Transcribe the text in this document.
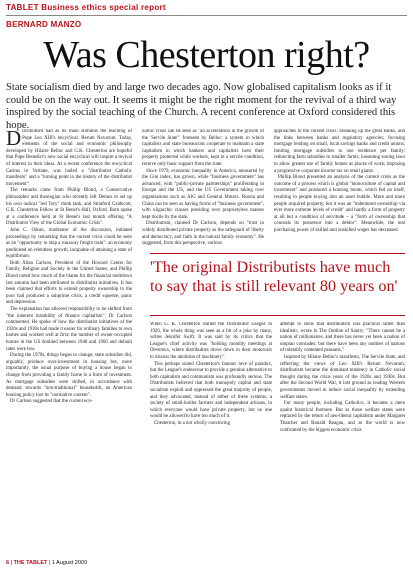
TABLET Business ethics special report
BERNARD MANZO
Was Chesterton right?
State socialism died by and large two decades ago. Now globalised capitalism looks as if it could be on the way out. It seems it might be the right moment for the revival of a third way inspired by the social teaching of the Church. A recent conference at Oxford considered this hope.

Distributism had as its main stimulus the teaching of Pope Leo XIII's encyclical, Rerum Novarum. Today, elements of the social and economic philosophy developed by Hilaire Belloc and G.K. Chesterton are hopeful that Pope Benedict's new social encyclical will inspire a revival of interest in their ideas. At a recent conference the encyclical Caritas in Veritate, was hailed a "distributist Catholic manifesto" and a "turning point in the history of the distributist movement".

The remarks came from Phillip Blond, a Conservative philosopher and theologian who recently left Demos to set up his own radical "red Tory" think tank, and Stratford Caldecott, G.K. Chesterton Fellow at St Benet's Hall, Oxford. Both spoke at a conference held at St Benet's last month offering "A Distributist View of the Global Economic Crisis".

John C. Odom, moderator of the discussion, initiated proceedings by remarking that the current crisis could be seen as an "opportunity to stop a runaway freight train": an economy predicated on relentless growth, incapable of attaining a state of equilibrium.

Both Allan Carlson, President of the Howard Center for Family, Religion and Society in the United States, and Phillip Blond noted how much of the blame for the financial meltdown last autumn had been attributed to distributist initiatives. It has been claimed that efforts to extend property ownership to the poor had produced a subprime crisis, a credit squeeze, panic and depression.

The explanation has allowed responsibility to be shifted from "the inherent instability of finance capitalism", Dr Carlson commented. He spoke of how the distributist initiatives of the 1920s and 1930s had made it easier for ordinary families to own homes and worked well at first: the number of owner-occupied homes in the US doubled between 1940 and 1960 and default rates were low.

During the 1970s, things began to change; state subsidies did, arguably, produce over-investment in housing but, more importantly, the usual purpose of buying a house began to change from providing a family home to a form of investment. As mortgage subsidies were shifted, in accordance with demand, towards "non-traditional" households, an American housing policy lost its "normative content".

Dr Carlson suggested that the current eco-

nomic crisis can be seen as "an acceleration in the growth of the 'Servile State'" foreseen by Belloc: a system in which capitalists and state bureaucrats cooperate to maintain a state capitalism in which bankers and capitalists have their property protected while workers, kept in a servile condition, receive only basic support from the state.

Since 1979, economic inequality in America, measured by the Gini index, has grown, while "business government" has advanced, with "public-private partnerships" proliferating in Europe and the US, and the US Government taking over organisations such as AIG and General Motors. Russia and China can be seen as having forms of "business government", with oligarchic classes presiding over proprietyless masses kept docile by the state.

Distributism, claimed Dr Carlson, depends on "trust in widely distributed private property as the safeguard of liberty and democracy, and faith in the natural family economy". He suggested, from this perspective, various

approaches to the current crisis: breaking up the great banks, and the links between banks and regulatory agencies; focusing mortgage lending on small, local savings banks and credit unions; limiting mortgage subsidies to one residence per family; redirecting farm subsidies to smaller farms; loosening zoning laws to allow greater use of family homes as places of work; imposing a progressive corporate income tax on retail giants.

Phillip Blond presented an analysis of the current crisis as the outcome of a process which is global "monoculture of capital and investment" and produced a housing boom, which fed on itself, resulting in people buying into an asset bubble. More and more people acquired property, but it was an "indentured ownership via ever more extreme levels of credit" and hardly a form of property at all but a condition of servitude – a "form of ownership that conceals its possessor into a debtor". Meanwhile, the real purchasing power of skilled and unskilled wages has decreased.

'The original Distributists have much to say that is still relevant 80 years on'

When G. K. Chesterton started the Distributist League in 1926, the whole thing was seen as a bit of a joke by many, writes Jennifer Swift. It was said by its critics that the League's chief activity was "holding monthly meetings at Devereux, where distributists drove down in their motorcars to discuss the abolition of machinery".

This perhaps suited Chesterton's famous love of paradox, but the League's endeavour to provide a genuine alternative to both capitalism and communism was profoundly serious. The Distributists believed that both monopoly capital and state socialism exploit and oppressed the great majority of people, and they advocated, instead of either of these systems, a society of small-holder farmers and independent artisans, in which everyone would have private property, but no one would be allowed to have too much of it.

Chesterton, in a not wholly convincing

attempt to show that distributism was practical rather than idealistic, wrote in The Outline of Sanity: "There cannot be a nation of millionaires, and there has never yet been a nation of utopian comrades; but there have been any number of nations of tolerably contented peasants."

Inspired by Hilaire Belloc's manifesto, The Servile State, and reflecting the views of Leo XIII's Rerum Novarum, distributism became the dominant tendency in Catholic social thought during the crisis years of the 1920s and 1930s. But after the Second World War, it lost ground as leading Western governments moved to reduce social inequality by extending welfare states.

For many people, including Catholics, it became a mere quaint historical footnote. But as those welfare states were replaced by the return of neo-liberal capitalism under Margaret Thatcher and Ronald Reagan, and as the world is now confronted by the biggest economic crisis

6 | THE TABLET | 1 August 2009
